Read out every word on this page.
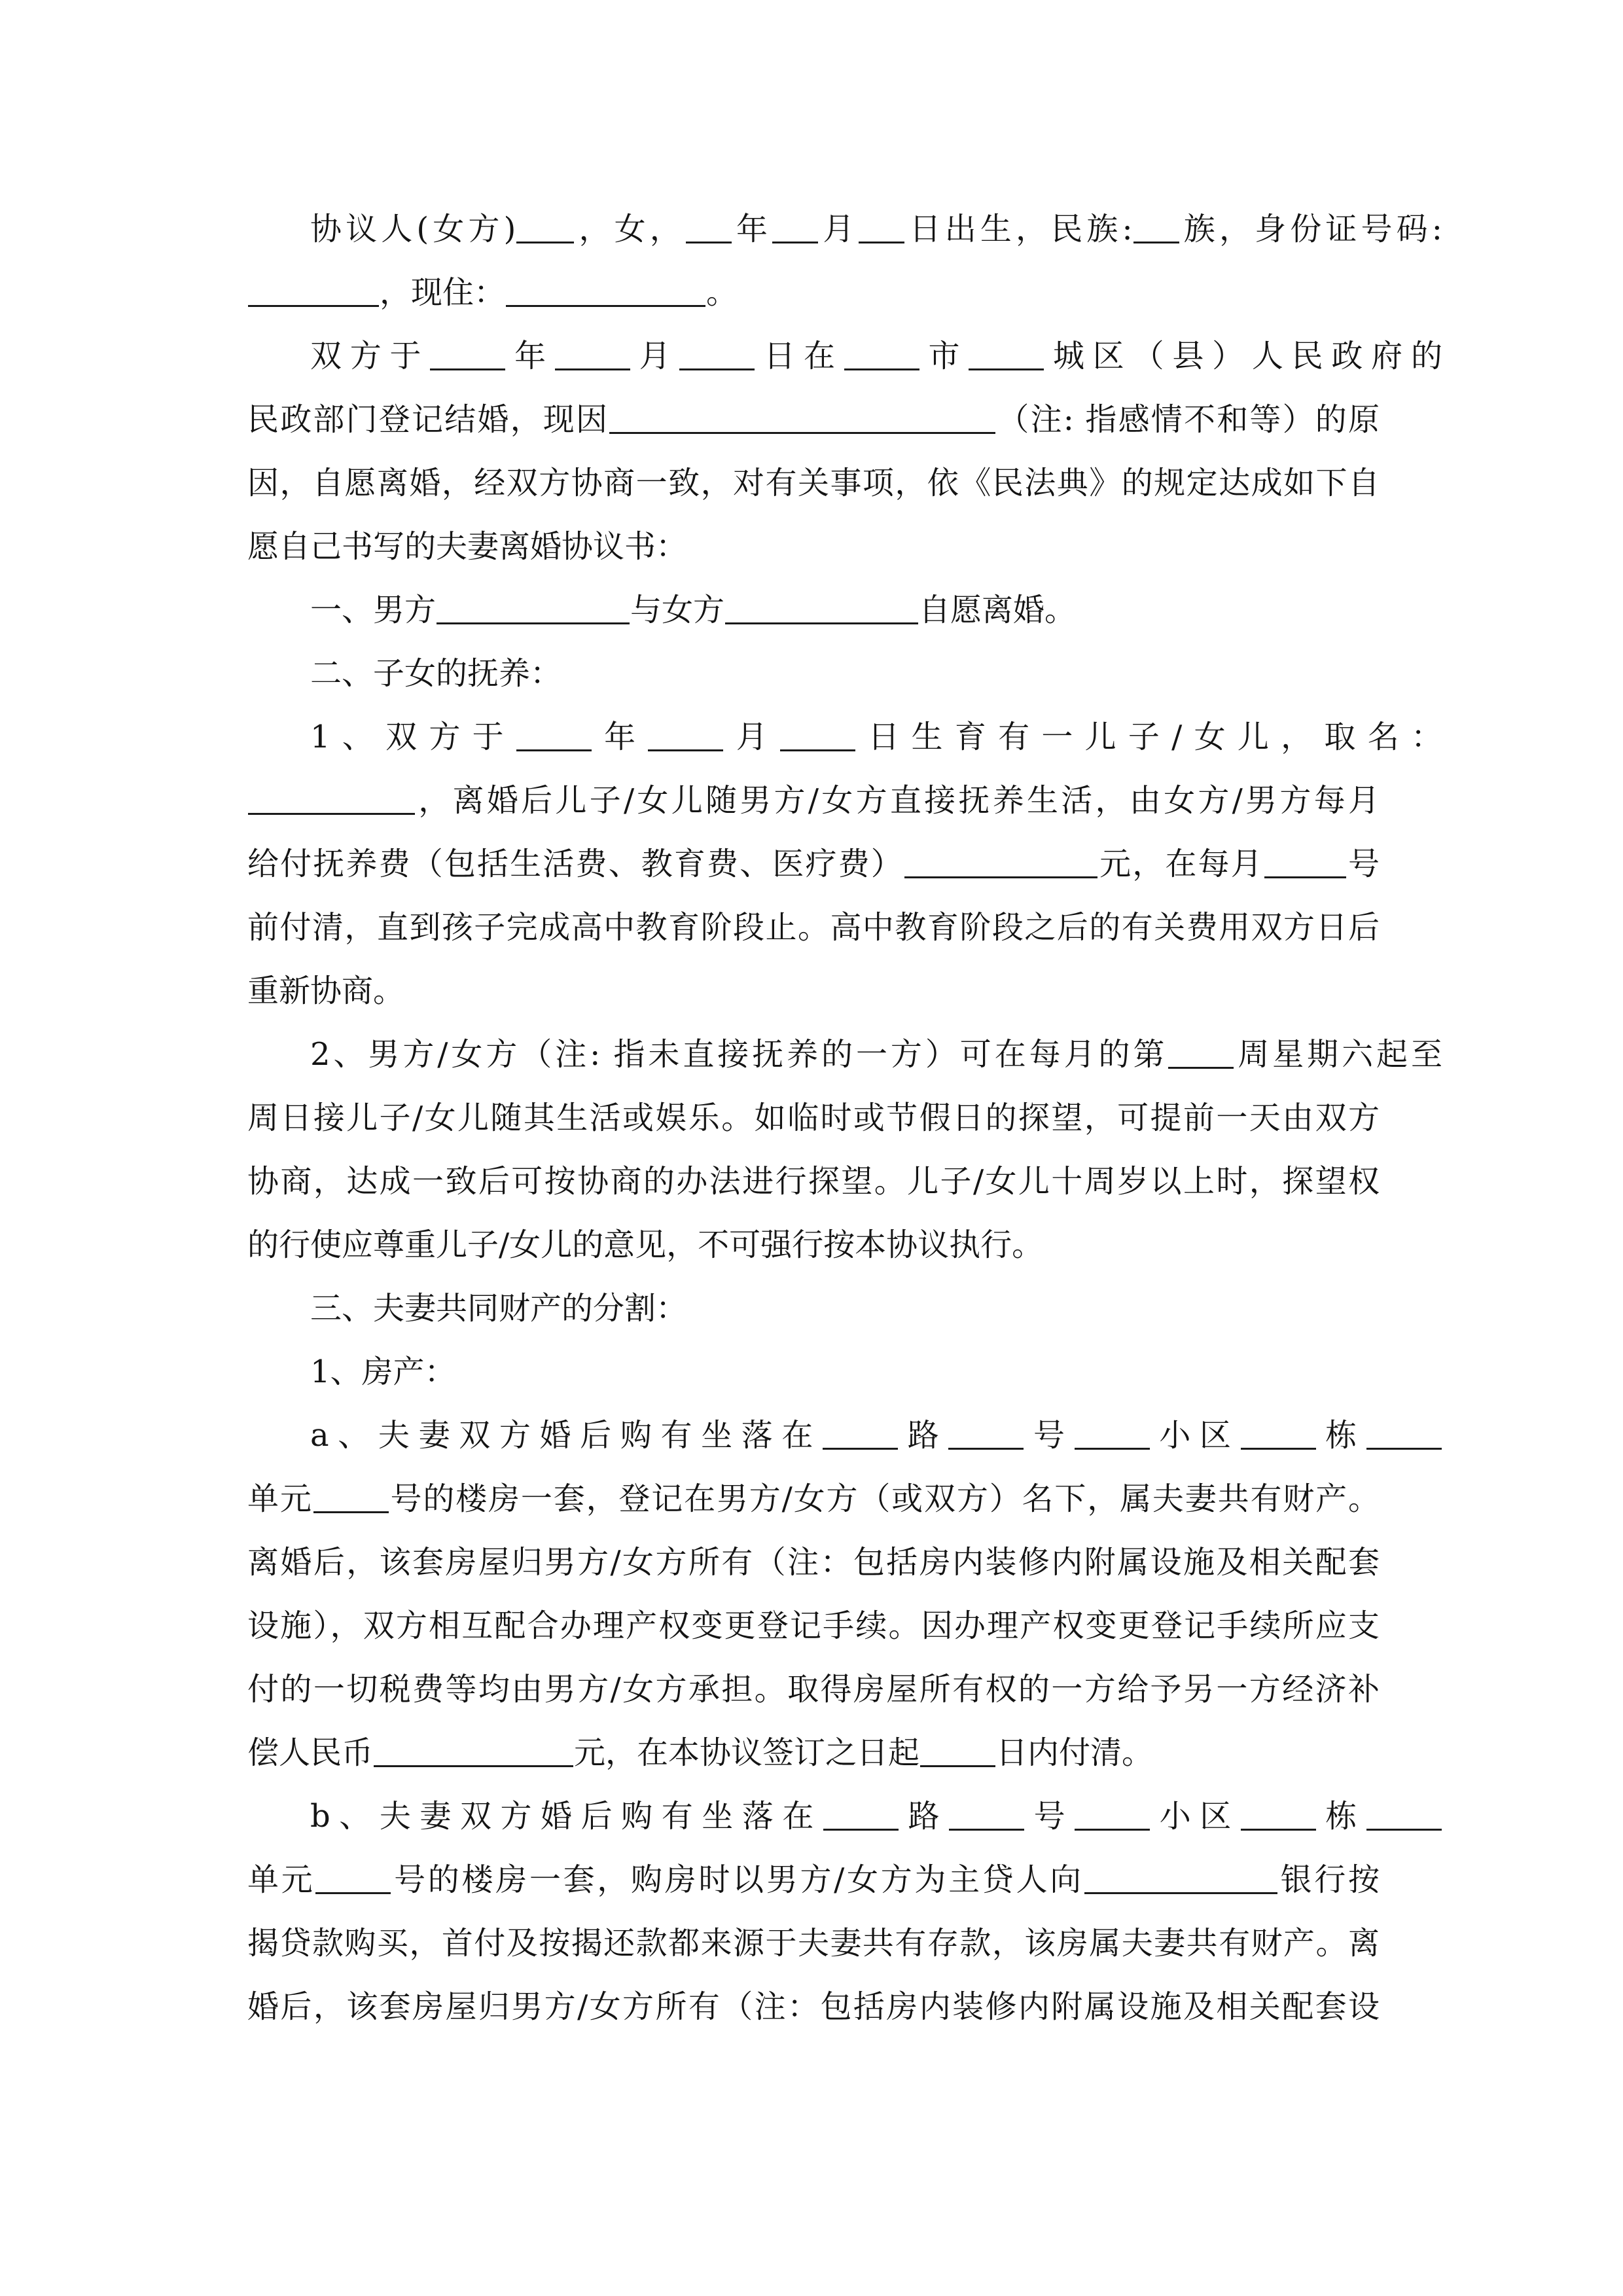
协议人(女方) ，女， 年 月 日出生，民族: 族，身份证号码:
，现住：	。
双方于 年 月 日在 市 城区（县）人民政府的
民政部门登记结婚，现因	（注: 指感情不和等）的原
因，自愿离婚，经双方协商一致，对有关事项，依《民法典》的规定达成如下自
愿自己书写的夫妻离婚协议书：
一、男方	与女方	自愿离婚。
二、子女的抚养：
1、双方于 年 月 日生育有一儿子/女儿，取名：
，离婚后儿子/女儿随男方/女方直接抚养生活，由女方/男方每月
给付抚养费（包括生活费、教育费、医疗费）	元，在每月	号
前付清，直到孩子完成高中教育阶段止。高中教育阶段之后的有关费用双方日后
重新协商。
2、男方/女方（注: 指未直接抚养的一方）可在每月的第 周星期六起至
周日接儿子/女儿随其生活或娱乐。如临时或节假日的探望，可提前一天由双方
协商，达成一致后可按协商的办法进行探望。儿子/女儿十周岁以上时，探望权
的行使应尊重儿子/女儿的意见，不可强行按本协议执行。
三、夫妻共同财产的分割：
1、房产：
a、夫妻双方婚后购有坐落在 路 号 小区 栋
单元 号的楼房一套，登记在男方/女方（或双方）名下，属夫妻共有财产。
离婚后，该套房屋归男方/女方所有（注：包括房内装修内附属设施及相关配套
设施），双方相互配合办理产权变更登记手续。因办理产权变更登记手续所应支
付的一切税费等均由男方/女方承担。取得房屋所有权的一方给予另一方经济补
偿人民币	元，在本协议签订之日起 日内付清。
b、夫妻双方婚后购有坐落在 路 号 小区 栋
单元 号的楼房一套，购房时以男方/女方为主贷人向	银行按
揭贷款购买，首付及按揭还款都来源于夫妻共有存款，该房属夫妻共有财产。离
婚后，该套房屋归男方/女方所有（注：包括房内装修内附属设施及相关配套设
